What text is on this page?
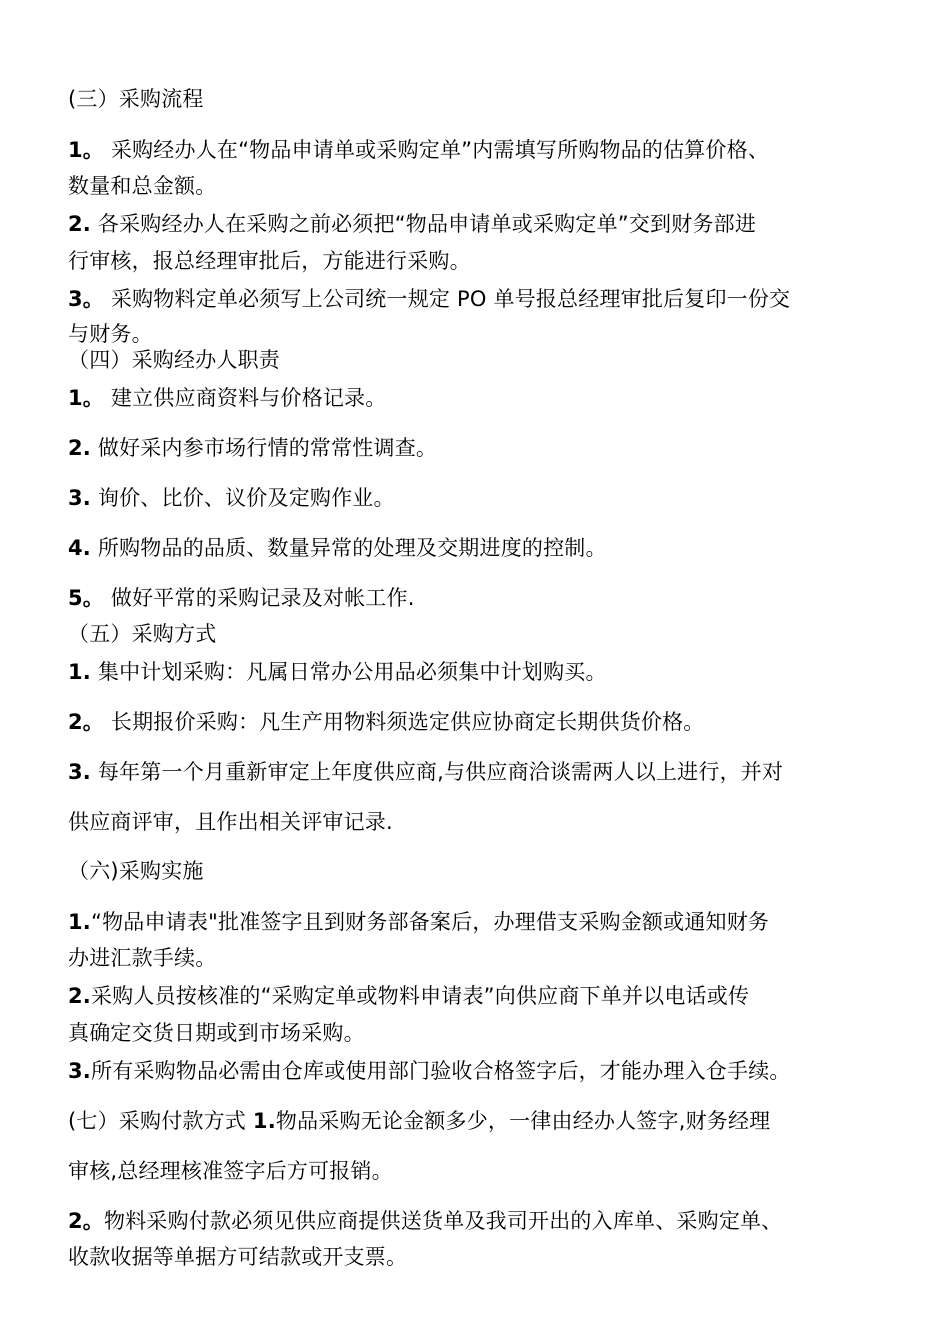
(三）采购流程
1。 采购经办人在“物品申请单或采购定单”内需填写所购物品的估算价格、
数量和总金额。
2. 各采购经办人在采购之前必须把“物品申请单或采购定单”交到财务部进
行审核，报总经理审批后，方能进行采购。
3。 采购物料定单必须写上公司统一规定 PO 单号报总经理审批后复印一份交
与财务。
（四）采购经办人职责
1。 建立供应商资料与价格记录。
2. 做好采内参市场行情的常常性调查。
3. 询价、比价、议价及定购作业。
4. 所购物品的品质、数量异常的处理及交期进度的控制。
5。 做好平常的采购记录及对帐工作.
（五）采购方式
1. 集中计划采购：凡属日常办公用品必须集中计划购买。
2。 长期报价采购：凡生产用物料须选定供应协商定长期供货价格。
3. 每年第一个月重新审定上年度供应商,与供应商洽谈需两人以上进行，并对
供应商评审，且作出相关评审记录.
（六)采购实施
1.“物品申请表"批准签字且到财务部备案后，办理借支采购金额或通知财务
办进汇款手续。
2.采购人员按核准的“采购定单或物料申请表”向供应商下单并以电话或传
真确定交货日期或到市场采购。
3.所有采购物品必需由仓库或使用部门验收合格签字后，才能办理入仓手续。
(七）采购付款方式 1.物品采购无论金额多少，一律由经办人签字,财务经理
审核,总经理核准签字后方可报销。
2。物料采购付款必须见供应商提供送货单及我司开出的入库单、采购定单、
收款收据等单据方可结款或开支票。
